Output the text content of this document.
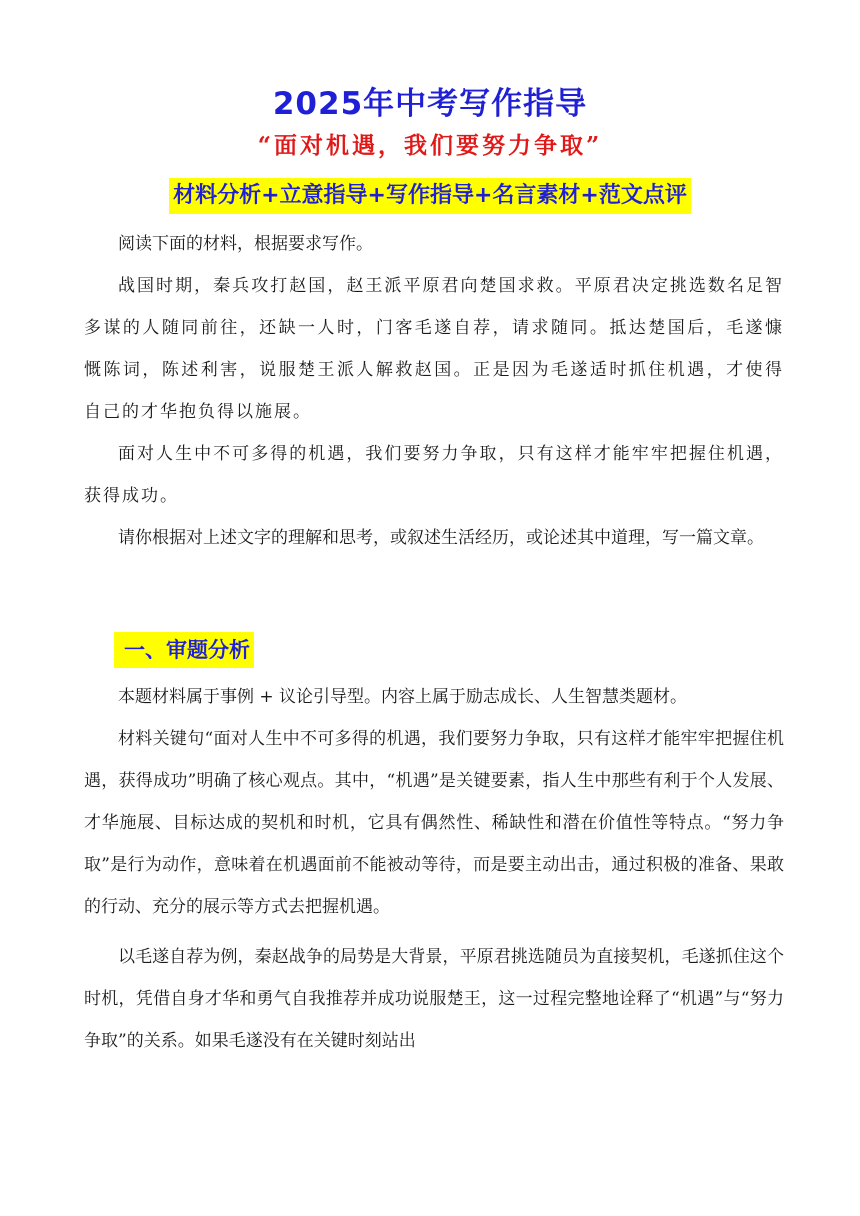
2025年中考写作指导
“面对机遇，我们要努力争取”
材料分析+立意指导+写作指导+名言素材+范文点评

阅读下面的材料，根据要求写作。

战国时期，秦兵攻打赵国，赵王派平原君向楚国求救。平原君决定挑选数名足智多谋的人随同前往，还缺一人时，门客毛遂自荐，请求随同。抵达楚国后，毛遂慷慨陈词，陈述利害，说服楚王派人解救赵国。正是因为毛遂适时抓住机遇，才使得自己的才华抱负得以施展。

面对人生中不可多得的机遇，我们要努力争取，只有这样才能牢牢把握住机遇，获得成功。

请你根据对上述文字的理解和思考，或叙述生活经历，或论述其中道理，写一篇文章。

一、审题分析

本题材料属于事例 + 议论引导型。内容上属于励志成长、人生智慧类题材。

材料关键句“面对人生中不可多得的机遇，我们要努力争取，只有这样才能牢牢把握住机遇，获得成功”明确了核心观点。其中，“机遇”是关键要素，指人生中那些有利于个人发展、才华施展、目标达成的契机和时机，它具有偶然性、稀缺性和潜在价值性等特点。“努力争取”是行为动作，意味着在机遇面前不能被动等待，而是要主动出击，通过积极的准备、果敢的行动、充分的展示等方式去把握机遇。

以毛遂自荐为例，秦赵战争的局势是大背景，平原君挑选随员为直接契机，毛遂抓住这个时机，凭借自身才华和勇气自我推荐并成功说服楚王，这一过程完整地诠释了“机遇”与“努力争取”的关系。如果毛遂没有在关键时刻站出
